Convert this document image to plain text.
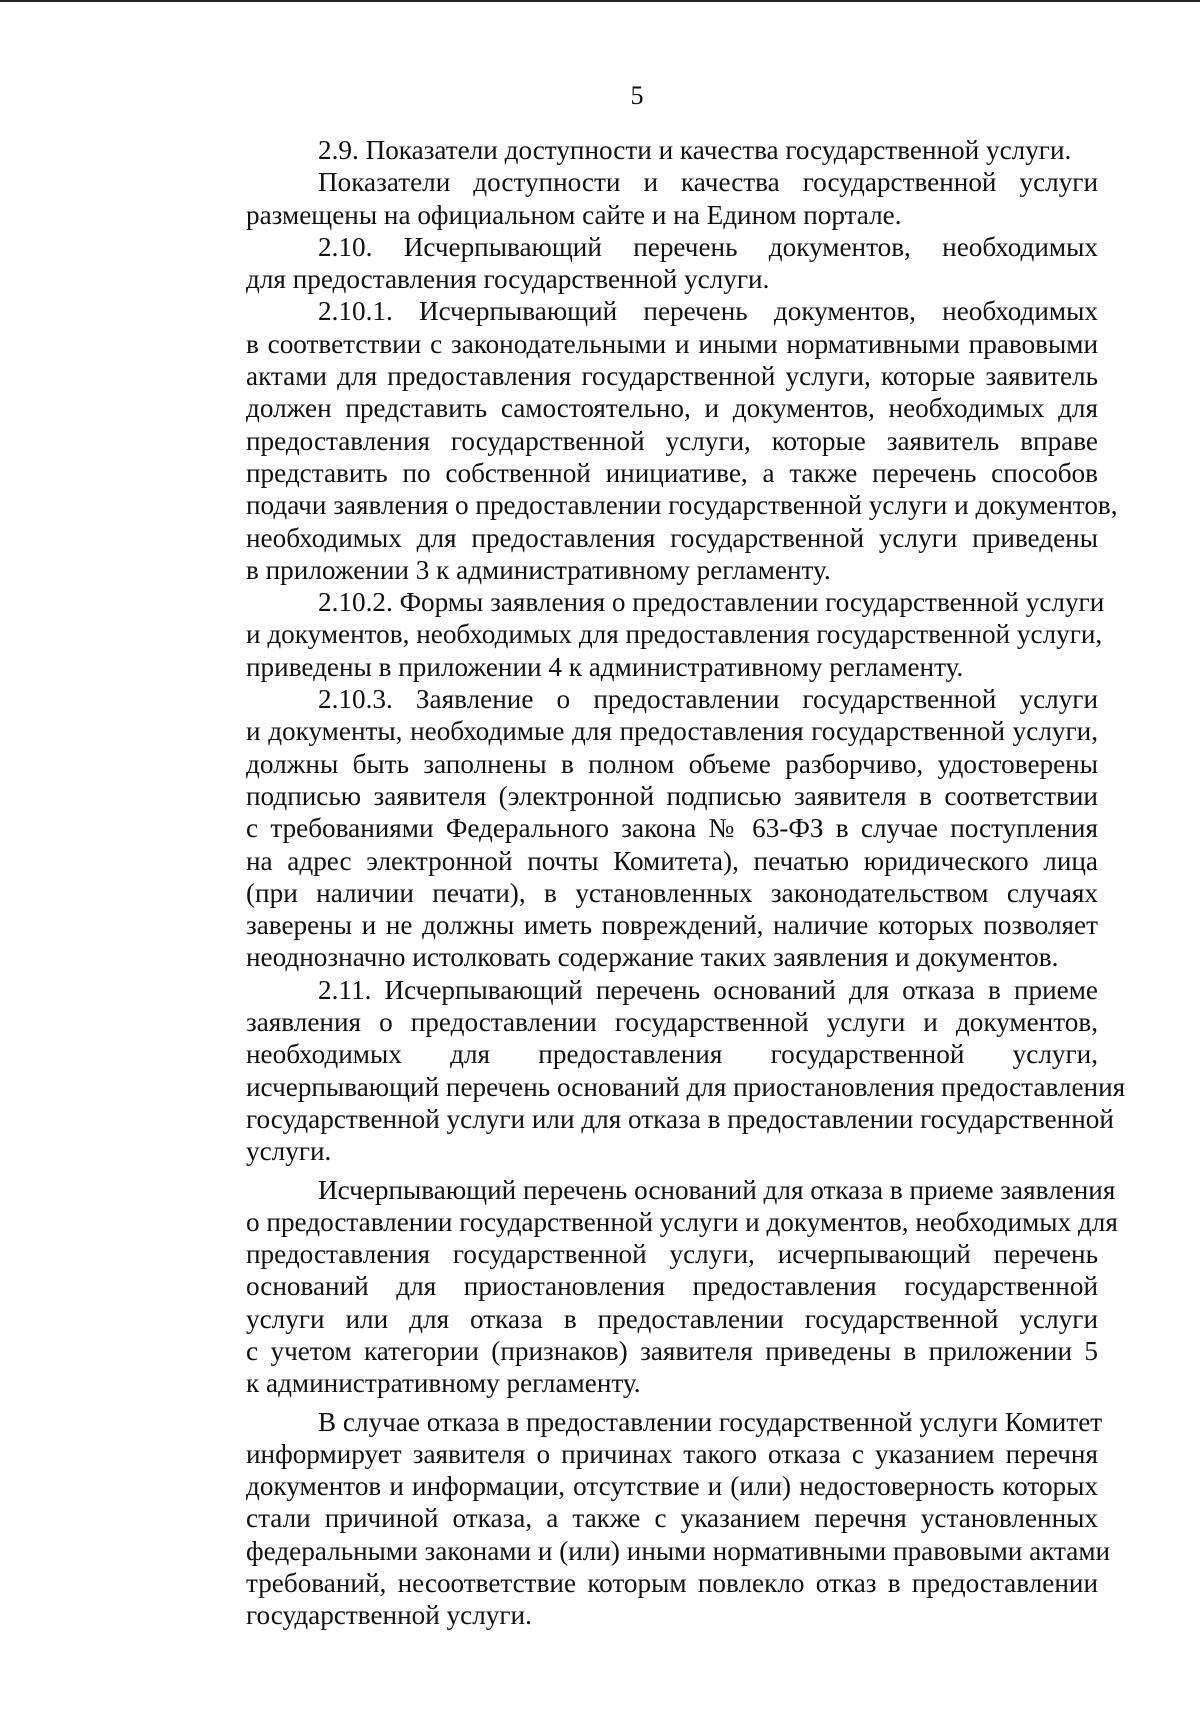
5
2.9. Показатели доступности и качества государственной услуги.
Показатели доступности и качества государственной услуги
размещены на официальном сайте и на Едином портале.
2.10. Исчерпывающий перечень документов, необходимых
для предоставления государственной услуги.
2.10.1. Исчерпывающий перечень документов, необходимых
в соответствии с законодательными и иными нормативными правовыми
актами для предоставления государственной услуги, которые заявитель
должен представить самостоятельно, и документов, необходимых для
предоставления государственной услуги, которые заявитель вправе
представить по собственной инициативе, а также перечень способов
подачи заявления о предоставлении государственной услуги и документов,
необходимых для предоставления государственной услуги приведены
в приложении 3 к административному регламенту.
2.10.2. Формы заявления о предоставлении государственной услуги
и документов, необходимых для предоставления государственной услуги,
приведены в приложении 4 к административному регламенту.
2.10.3. Заявление о предоставлении государственной услуги
и документы, необходимые для предоставления государственной услуги,
должны быть заполнены в полном объеме разборчиво, удостоверены
подписью заявителя (электронной подписью заявителя в соответствии
с требованиями Федерального закона № 63-ФЗ в случае поступления
на адрес электронной почты Комитета), печатью юридического лица
(при наличии печати), в установленных законодательством случаях
заверены и не должны иметь повреждений, наличие которых позволяет
неоднозначно истолковать содержание таких заявления и документов.
2.11. Исчерпывающий перечень оснований для отказа в приеме
заявления о предоставлении государственной услуги и документов,
необходимых для предоставления государственной услуги,
исчерпывающий перечень оснований для приостановления предоставления
государственной услуги или для отказа в предоставлении государственной
услуги.
Исчерпывающий перечень оснований для отказа в приеме заявления
о предоставлении государственной услуги и документов, необходимых для
предоставления государственной услуги, исчерпывающий перечень
оснований для приостановления предоставления государственной
услуги или для отказа в предоставлении государственной услуги
с учетом категории (признаков) заявителя приведены в приложении 5
к административному регламенту.
В случае отказа в предоставлении государственной услуги Комитет
информирует заявителя о причинах такого отказа с указанием перечня
документов и информации, отсутствие и (или) недостоверность которых
стали причиной отказа, а также с указанием перечня установленных
федеральными законами и (или) иными нормативными правовыми актами
требований, несоответствие которым повлекло отказ в предоставлении
государственной услуги.
